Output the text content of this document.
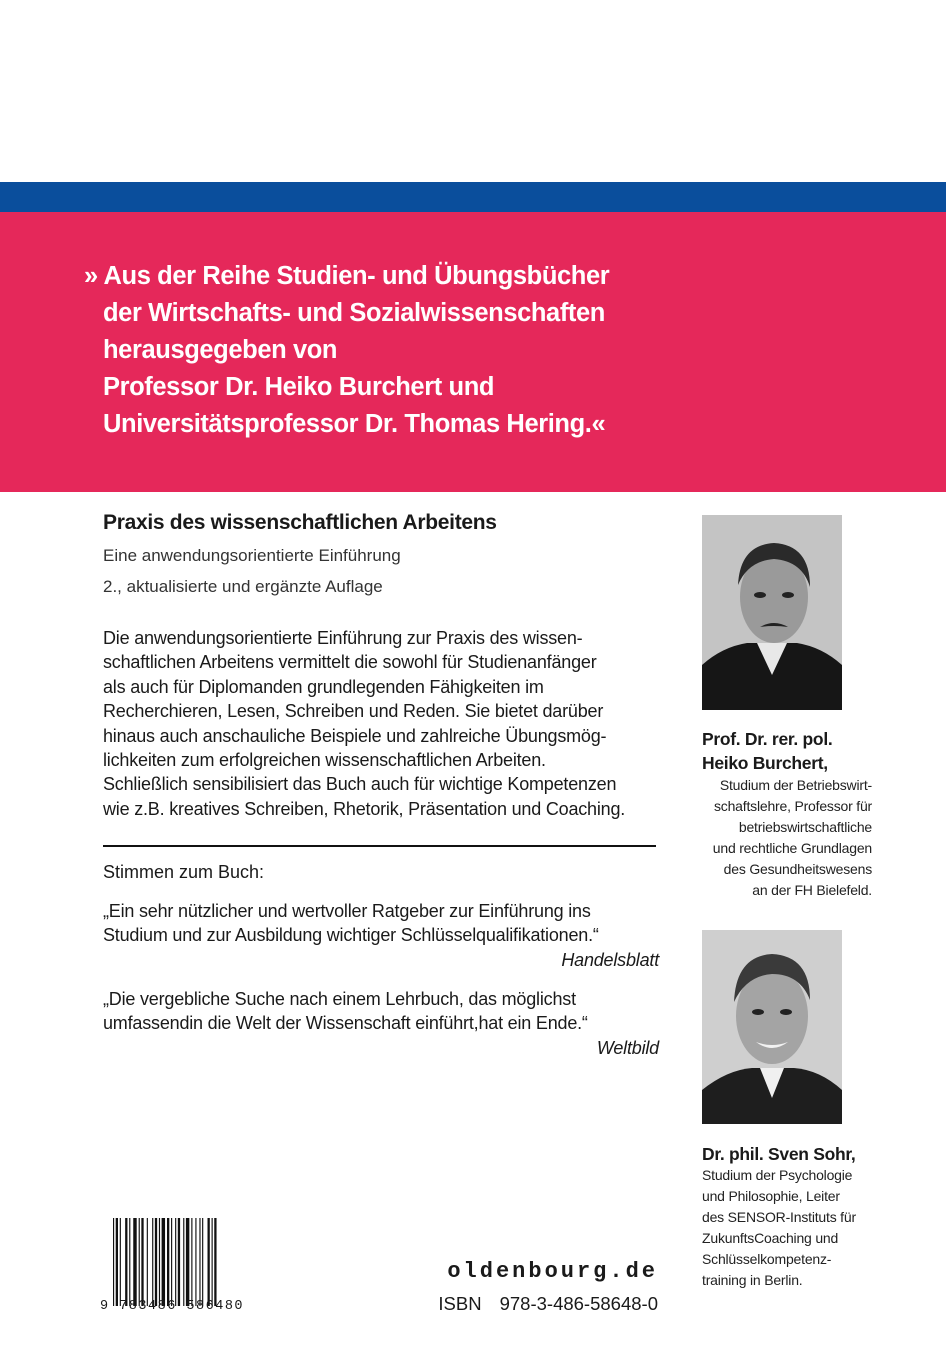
» Aus der Reihe Studien- und Übungsbücher
der Wirtschafts- und Sozialwissenschaften
herausgegeben von
Professor Dr. Heiko Burchert und
Universitätsprofessor Dr. Thomas Hering.«
Praxis des wissenschaftlichen Arbeitens
Eine anwendungsorientierte Einführung
2., aktualisierte und ergänzte Auflage
Die anwendungsorientierte Einführung zur Praxis des wissen-
schaftlichen Arbeitens vermittelt die sowohl für Studienanfänger
als auch für Diplomanden grundlegenden Fähigkeiten im
Recherchieren, Lesen, Schreiben und Reden. Sie bietet darüber
hinaus auch anschauliche Beispiele und zahlreiche Übungsmög-
lichkeiten zum erfolgreichen wissenschaftlichen Arbeiten.
Schließlich sensibilisiert das Buch auch für wichtige Kompetenzen
wie z.B. kreatives Schreiben, Rhetorik, Präsentation und Coaching.
Stimmen zum Buch:
„Ein sehr nützlicher und wertvoller Ratgeber zur Einführung ins
Studium und zur Ausbildung wichtiger Schlüsselqualifikationen.“
Handelsblatt
„Die vergebliche Suche nach einem Lehrbuch, das möglichst
umfassendin die Welt der Wissenschaft einführt,hat ein Ende.“
Weltbild
Prof. Dr. rer. pol.
Heiko Burchert,
Studium der Betriebswirt-
schaftslehre, Professor für
betriebswirtschaftliche
und rechtliche Grundlagen
des Gesundheitswesens
an der FH Bielefeld.
Dr. phil. Sven Sohr,
Studium der Psychologie
und Philosophie, Leiter
des SENSOR-Instituts für
ZukunftsCoaching und
Schlüsselkompetenz-
training in Berlin.
9 783486 586480
oldenbourg.de
ISBN 978-3-486-58648-0
